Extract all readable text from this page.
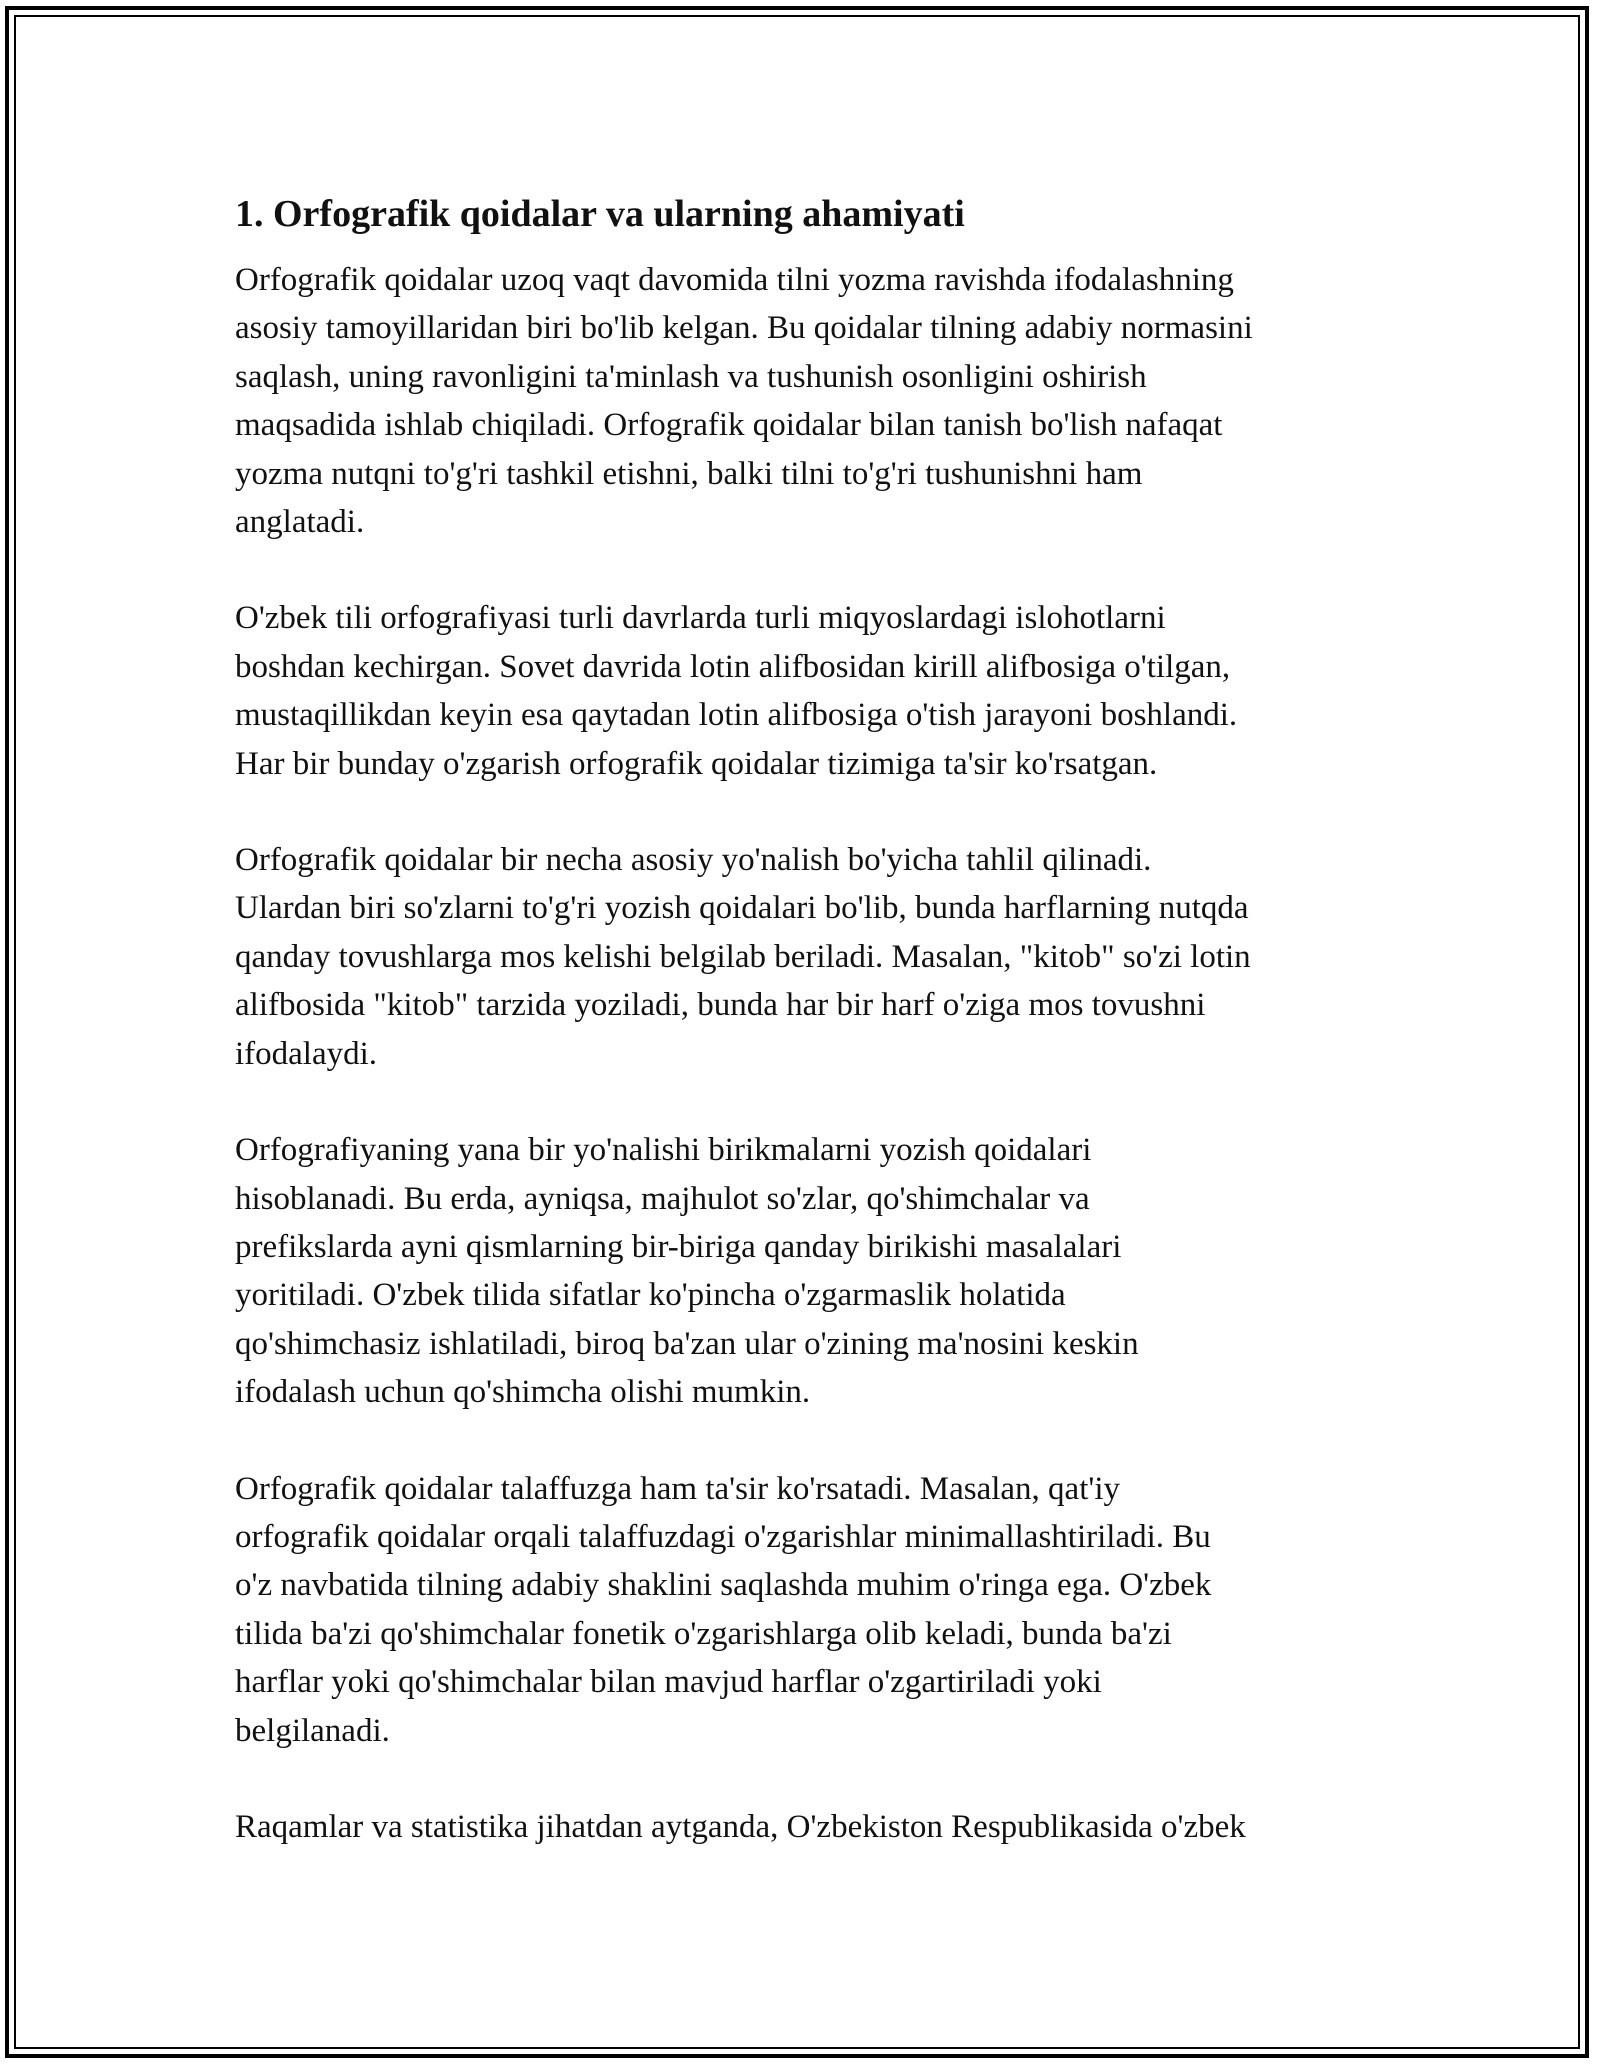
1. Orfografik qoidalar va ularning ahamiyati

Orfografik qoidalar uzoq vaqt davomida tilni yozma ravishda ifodalashning
asosiy tamoyillaridan biri bo'lib kelgan. Bu qoidalar tilning adabiy normasini
saqlash, uning ravonligini ta'minlash va tushunish osonligini oshirish
maqsadida ishlab chiqiladi. Orfografik qoidalar bilan tanish bo'lish nafaqat
yozma nutqni to'g'ri tashkil etishni, balki tilni to'g'ri tushunishni ham
anglatadi.

O'zbek tili orfografiyasi turli davrlarda turli miqyoslardagi islohotlarni
boshdan kechirgan. Sovet davrida lotin alifbosidan kirill alifbosiga o'tilgan,
mustaqillikdan keyin esa qaytadan lotin alifbosiga o'tish jarayoni boshlandi.
Har bir bunday o'zgarish orfografik qoidalar tizimiga ta'sir ko'rsatgan.

Orfografik qoidalar bir necha asosiy yo'nalish bo'yicha tahlil qilinadi.
Ulardan biri so'zlarni to'g'ri yozish qoidalari bo'lib, bunda harflarning nutqda
qanday tovushlarga mos kelishi belgilab beriladi. Masalan, "kitob" so'zi lotin
alifbosida "kitob" tarzida yoziladi, bunda har bir harf o'ziga mos tovushni
ifodalaydi.

Orfografiyaning yana bir yo'nalishi birikmalarni yozish qoidalari
hisoblanadi. Bu erda, ayniqsa, majhulot so'zlar, qo'shimchalar va
prefikslarda ayni qismlarning bir-biriga qanday birikishi masalalari
yoritiladi. O'zbek tilida sifatlar ko'pincha o'zgarmaslik holatida
qo'shimchasiz ishlatiladi, biroq ba'zan ular o'zining ma'nosini keskin
ifodalash uchun qo'shimcha olishi mumkin.

Orfografik qoidalar talaffuzga ham ta'sir ko'rsatadi. Masalan, qat'iy
orfografik qoidalar orqali talaffuzdagi o'zgarishlar minimallashtiriladi. Bu
o'z navbatida tilning adabiy shaklini saqlashda muhim o'ringa ega. O'zbek
tilida ba'zi qo'shimchalar fonetik o'zgarishlarga olib keladi, bunda ba'zi
harflar yoki qo'shimchalar bilan mavjud harflar o'zgartiriladi yoki
belgilanadi.

Raqamlar va statistika jihatdan aytganda, O'zbekiston Respublikasida o'zbek
